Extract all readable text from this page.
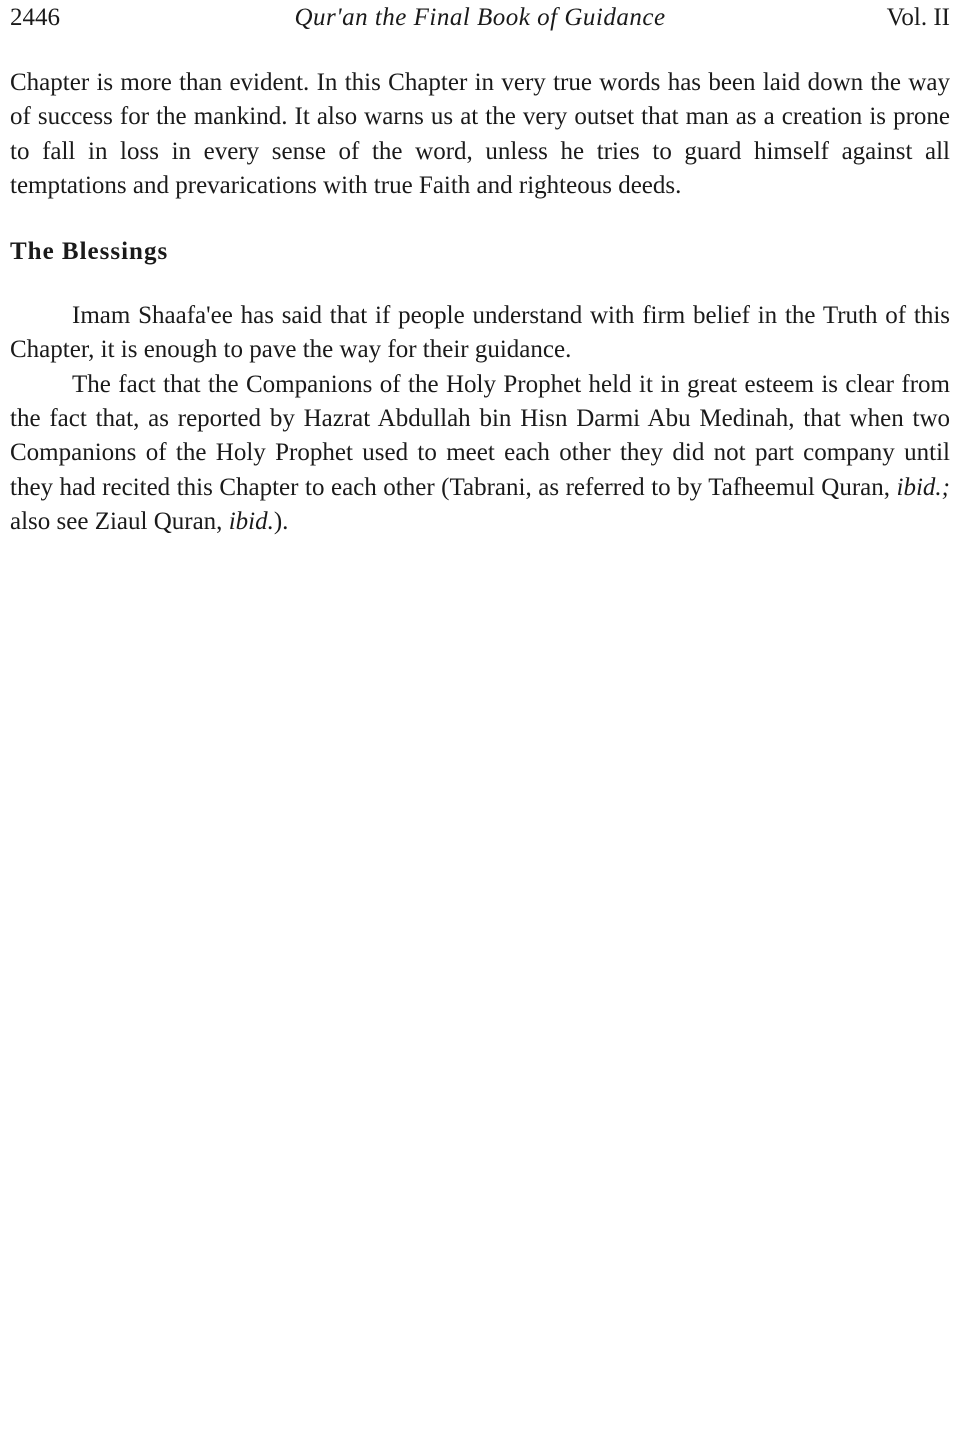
2446	Qur'an the Final Book of Guidance	Vol. II

Chapter is more than evident. In this Chapter in very true words has been laid down the way of success for the mankind. It also warns us at the very outset that man as a creation is prone to fall in loss in every sense of the word, unless he tries to guard himself against all temptations and prevarications with true Faith and righteous deeds.

The Blessings

Imam Shaafa'ee has said that if people understand with firm belief in the Truth of this Chapter, it is enough to pave the way for their guidance.

The fact that the Companions of the Holy Prophet held it in great esteem is clear from the fact that, as reported by Hazrat Abdullah bin Hisn Darmi Abu Medinah, that when two Companions of the Holy Prophet used to meet each other they did not part company until they had recited this Chapter to each other (Tabrani, as referred to by Tafheemul Quran, ibid.; also see Ziaul Quran, ibid.).
